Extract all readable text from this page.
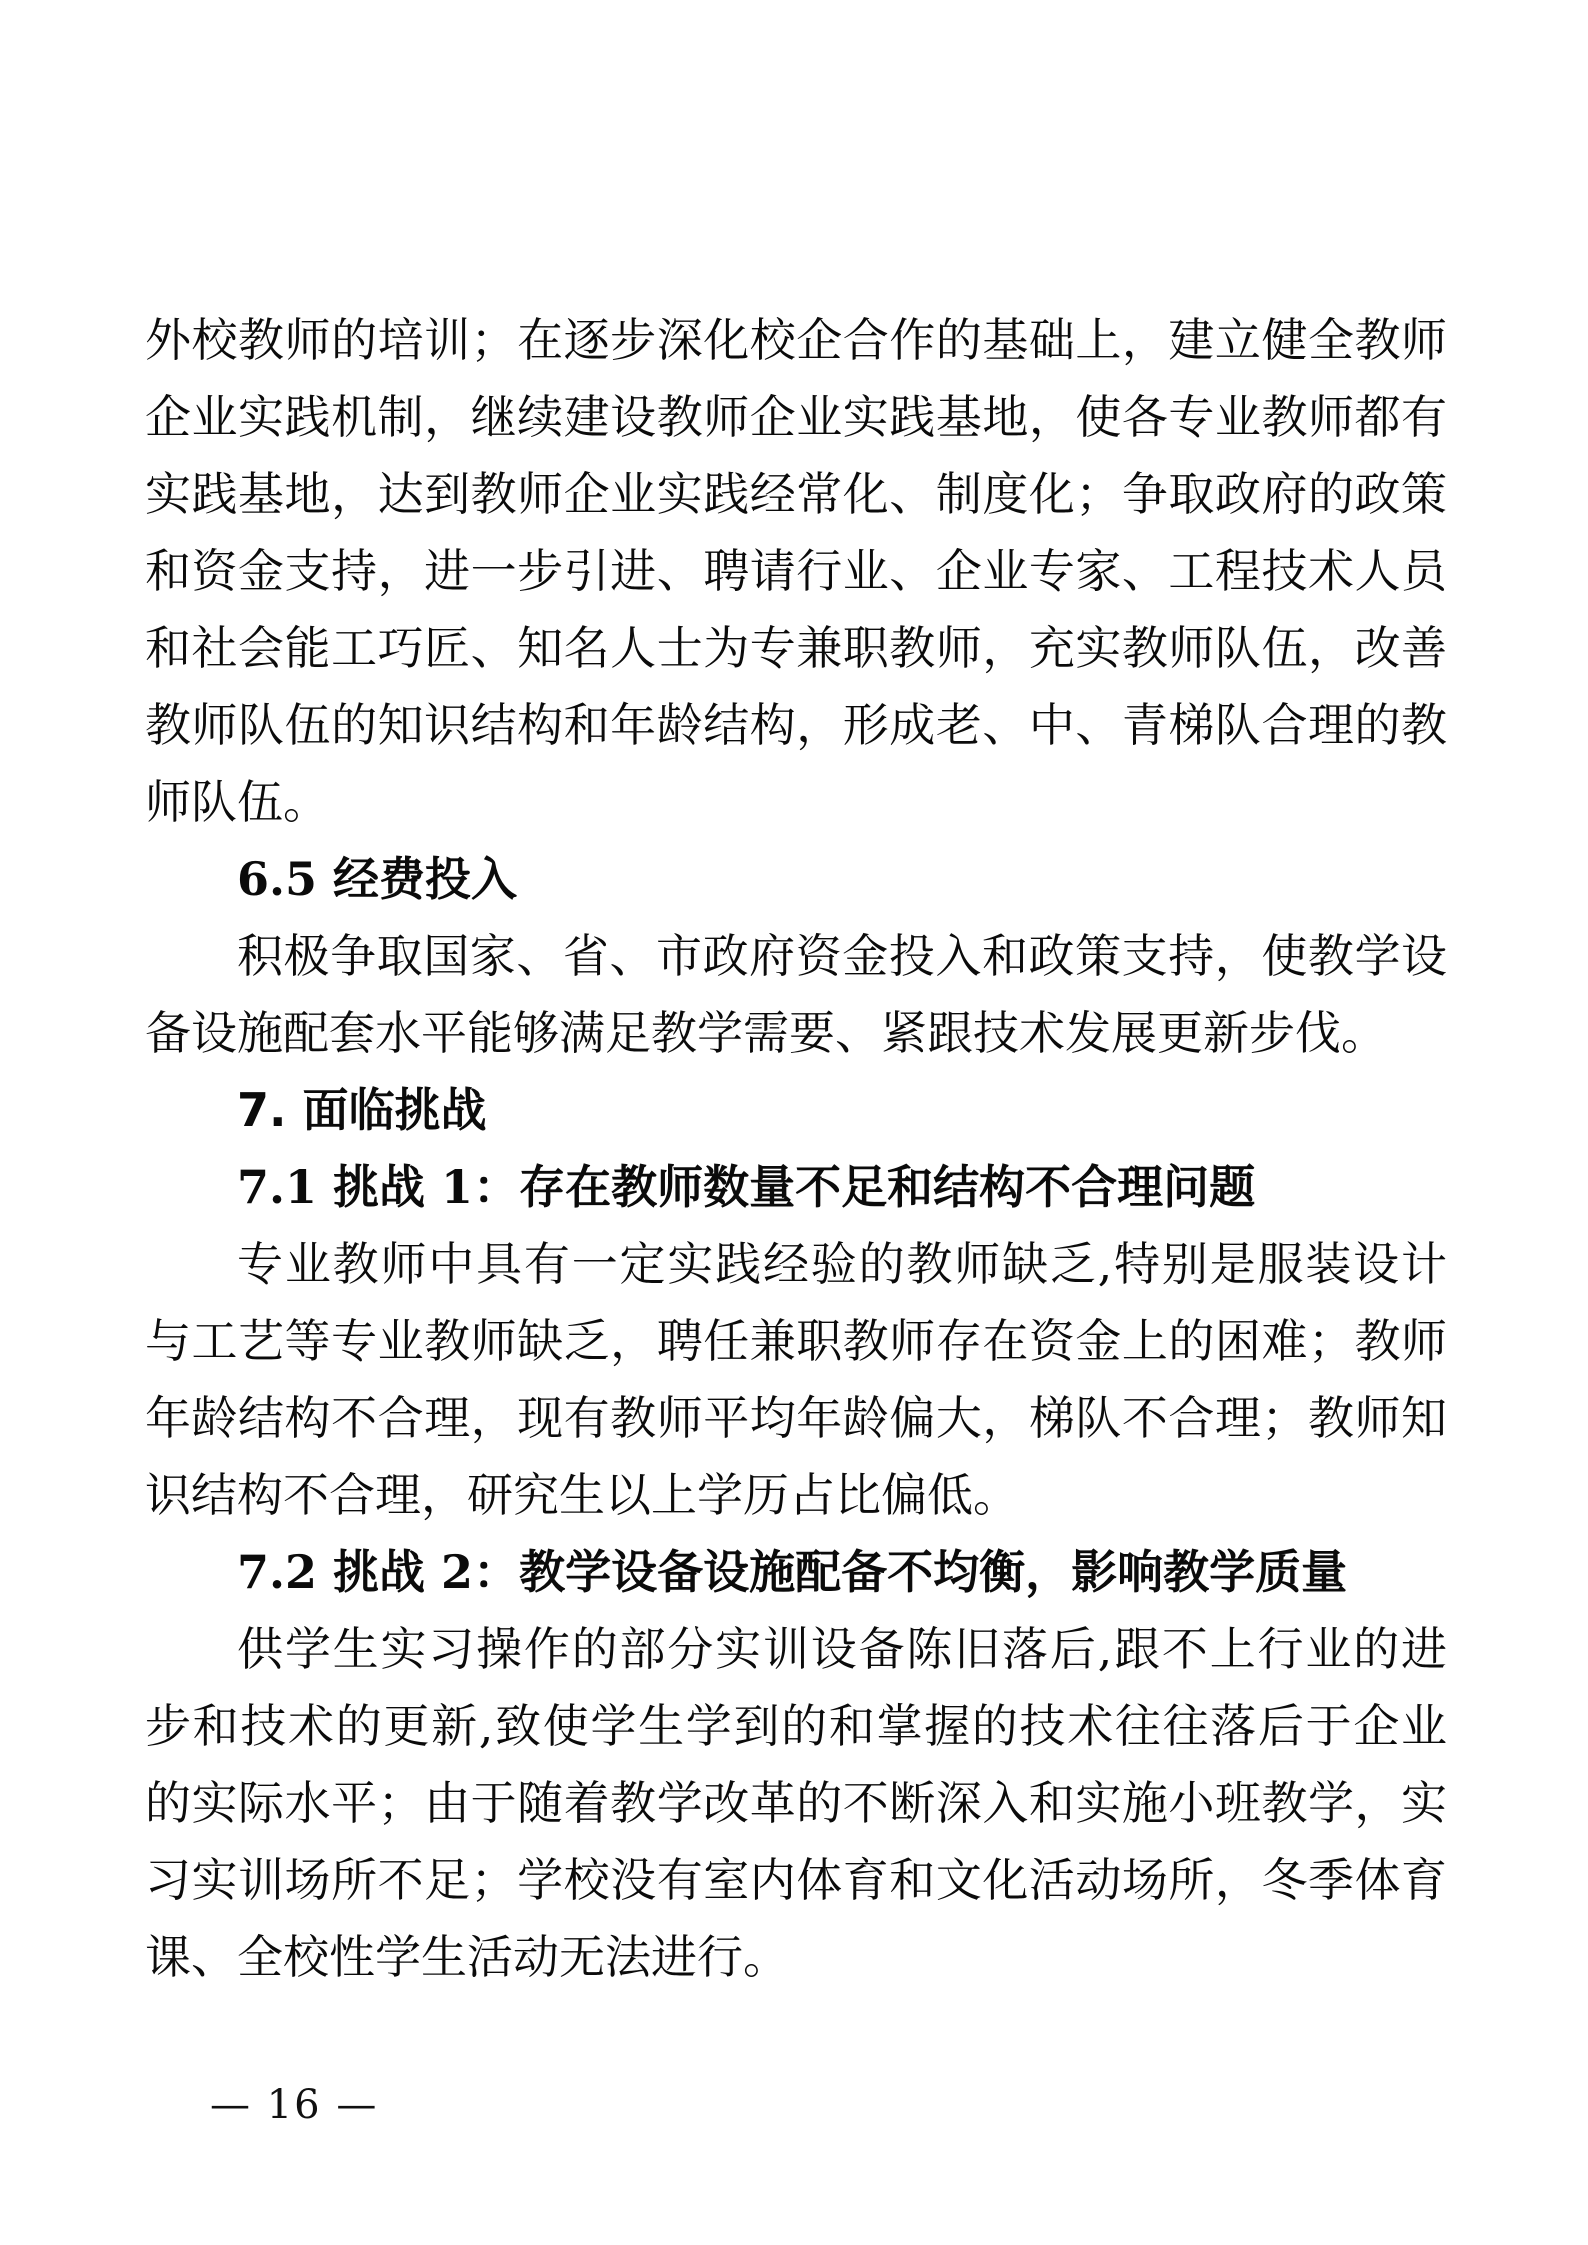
外校教师的培训；在逐步深化校企合作的基础上，建立健全教师
企业实践机制，继续建设教师企业实践基地，使各专业教师都有
实践基地，达到教师企业实践经常化、制度化；争取政府的政策
和资金支持，进一步引进、聘请行业、企业专家、工程技术人员
和社会能工巧匠、知名人士为专兼职教师，充实教师队伍，改善
教师队伍的知识结构和年龄结构，形成老、中、青梯队合理的教
师队伍。
6.5 经费投入
积极争取国家、省、市政府资金投入和政策支持，使教学设
备设施配套水平能够满足教学需要、紧跟技术发展更新步伐。
7. 面临挑战
7.1 挑战 1：存在教师数量不足和结构不合理问题
专业教师中具有一定实践经验的教师缺乏,特别是服装设计
与工艺等专业教师缺乏，聘任兼职教师存在资金上的困难；教师
年龄结构不合理，现有教师平均年龄偏大，梯队不合理；教师知
识结构不合理，研究生以上学历占比偏低。
7.2 挑战 2：教学设备设施配备不均衡，影响教学质量
供学生实习操作的部分实训设备陈旧落后,跟不上行业的进
步和技术的更新,致使学生学到的和掌握的技术往往落后于企业
的实际水平；由于随着教学改革的不断深入和实施小班教学，实
习实训场所不足；学校没有室内体育和文化活动场所，冬季体育
课、全校性学生活动无法进行。
— 16 —
